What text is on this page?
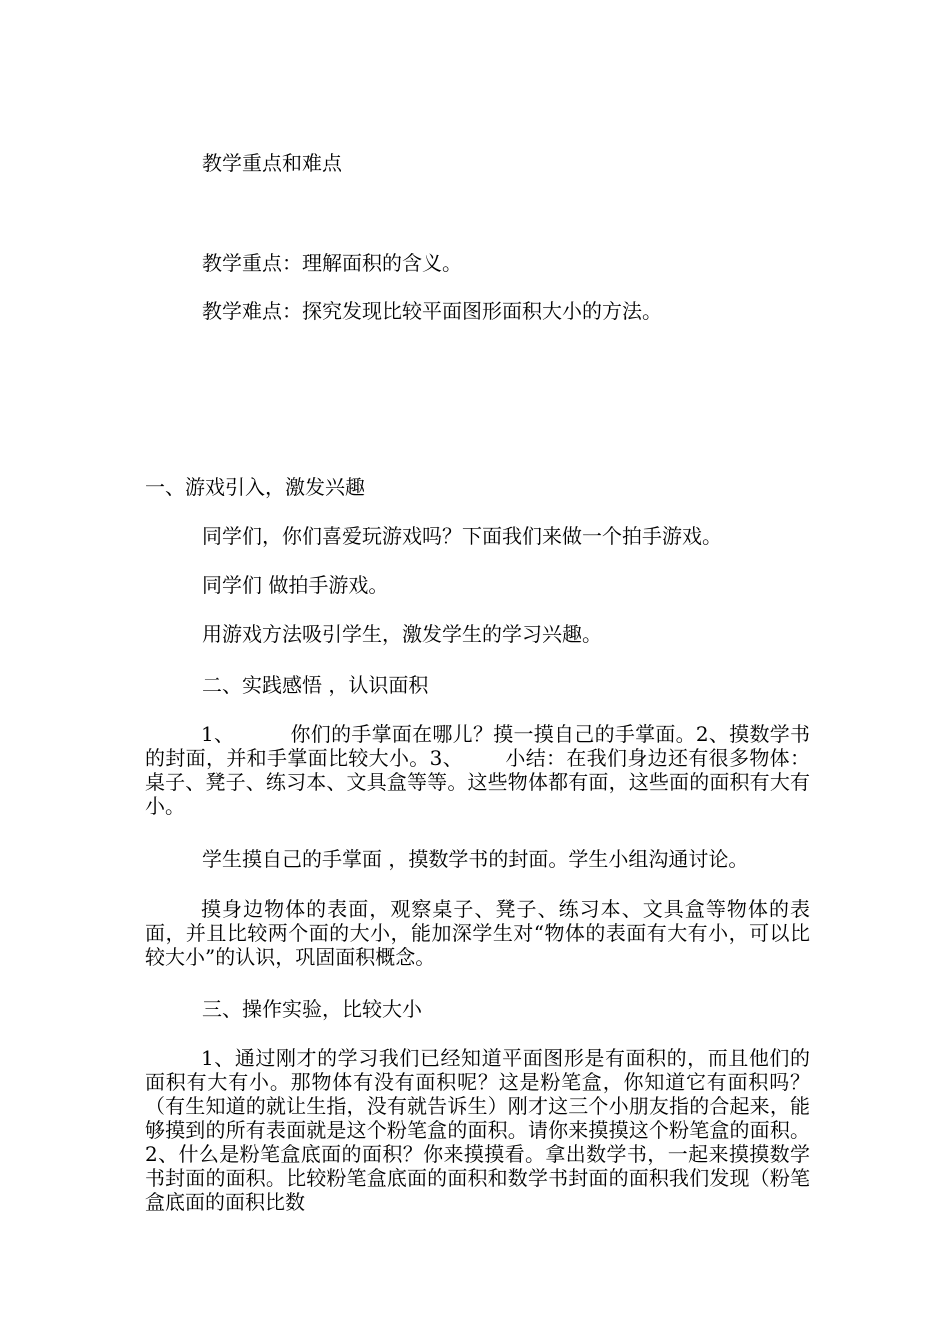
教学重点和难点
教学重点：理解面积的含义。
教学难点：探究发现比较平面图形面积大小的方法。
一、游戏引入，激发兴趣
同学们，你们喜爱玩游戏吗？下面我们来做一个拍手游戏。
同学们 做拍手游戏。
用游戏方法吸引学生，激发学生的学习兴趣。
二、实践感悟 ，认识面积
1、	你们的手掌面在哪儿？摸一摸自己的手掌面。2、摸数学书的封面，并和手掌面比较大小。3、 小结：在我们身边还有很多物体：桌子、凳子、练习本、文具盒等等。这些物体都有面，这些面的面积有大有小。
学生摸自己的手掌面 ，摸数学书的封面。学生小组沟通讨论。
摸身边物体的表面，观察桌子、凳子、练习本、文具盒等物体的表面，并且比较两个面的大小，能加深学生对“物体的表面有大有小，可以比较大小”的认识，巩固面积概念。
三、操作实验，比较大小
1、通过刚才的学习我们已经知道平面图形是有面积的，而且他们的面积有大有小。那物体有没有面积呢？这是粉笔盒，你知道它有面积吗？（有生知道的就让生指，没有就告诉生）刚才这三个小朋友指的合起来，能够摸到的所有表面就是这个粉笔盒的面积。请你来摸摸这个粉笔盒的面积。2、什么是粉笔盒底面的面积？你来摸摸看。拿出数学书，一起来摸摸数学书封面的面积。比较粉笔盒底面的面积和数学书封面的面积我们发现（粉笔盒底面的面积比数
